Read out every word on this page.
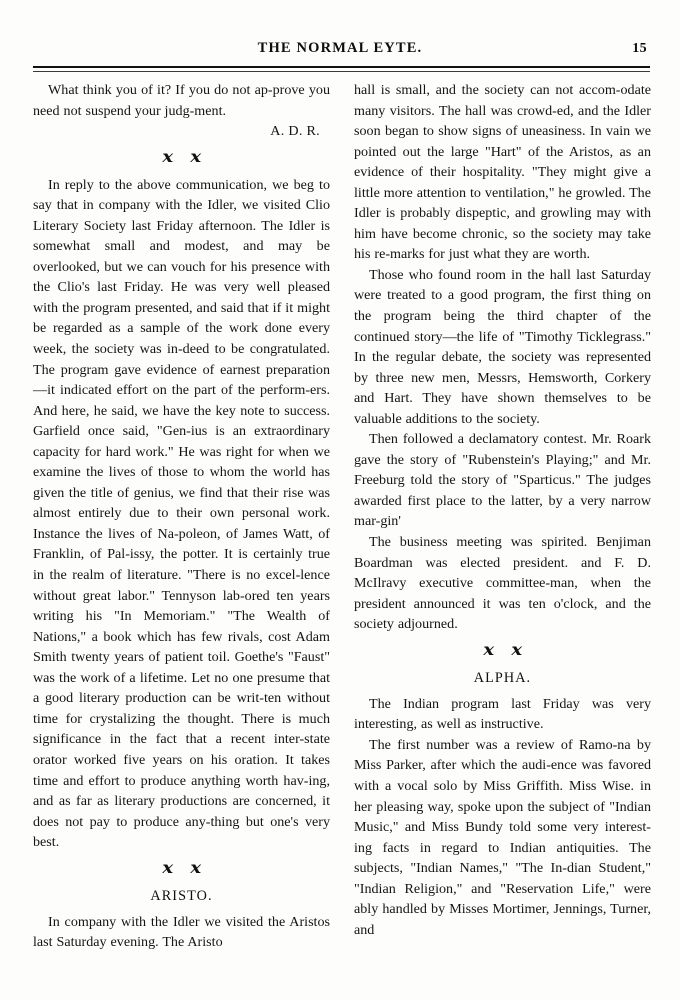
THE NORMAL EYTE.	15

What think you of it? If you do not ap-prove you need not suspend your judg-ment.

A. D. R.

x x

In reply to the above communication, we beg to say that in company with the Idler, we visited Clio Literary Society last Friday afternoon. The Idler is somewhat small and modest, and may be overlooked, but we can vouch for his presence with the Clio's last Friday. He was very well pleased with the program presented, and said that if it might be regarded as a sample of the work done every week, the society was in-deed to be congratulated. The program gave evidence of earnest preparation—it indicated effort on the part of the perform-ers. And here, he said, we have the key note to success. Garfield once said, "Gen-ius is an extraordinary capacity for hard work." He was right for when we examine the lives of those to whom the world has given the title of genius, we find that their rise was almost entirely due to their own personal work. Instance the lives of Na-poleon, of James Watt, of Franklin, of Pal-issy, the potter. It is certainly true in the realm of literature. "There is no excel-lence without great labor." Tennyson lab-ored ten years writing his "In Memoriam." "The Wealth of Nations," a book which has few rivals, cost Adam Smith twenty years of patient toil. Goethe's "Faust" was the work of a lifetime. Let no one presume that a good literary production can be writ-ten without time for crystalizing the thought. There is much significance in the fact that a recent inter-state orator worked five years on his oration. It takes time and effort to produce anything worth hav-ing, and as far as literary productions are concerned, it does not pay to produce any-thing but one's very best.

x x
ARISTO.

In company with the Idler we visited the Aristos last Saturday evening. The Aristo

hall is small, and the society can not accom-odate many visitors. The hall was crowd-ed, and the Idler soon began to show signs of uneasiness. In vain we pointed out the large "Hart" of the Aristos, as an evidence of their hospitality. "They might give a little more attention to ventilation," he growled. The Idler is probably dispeptic, and growling may with him have become chronic, so the society may take his re-marks for just what they are worth.

Those who found room in the hall last Saturday were treated to a good program, the first thing on the program being the third chapter of the continued story—the life of "Timothy Ticklegrass." In the regular debate, the society was represented by three new men, Messrs, Hemsworth, Corkery and Hart. They have shown themselves to be valuable additions to the society.

Then followed a declamatory contest. Mr. Roark gave the story of "Rubenstein's Playing;" and Mr. Freeburg told the story of "Sparticus." The judges awarded first place to the latter, by a very narrow mar-gin'

The business meeting was spirited. Benjiman Boardman was elected president. and F. D. McIlravy executive committee-man, when the president announced it was ten o'clock, and the society adjourned.

x x
ALPHA.

The Indian program last Friday was very interesting, as well as instructive.

The first number was a review of Ramo-na by Miss Parker, after which the audi-ence was favored with a vocal solo by Miss Griffith. Miss Wise. in her pleasing way, spoke upon the subject of "Indian Music," and Miss Bundy told some very interest-ing facts in regard to Indian antiquities. The subjects, "Indian Names," "The In-dian Student," "Indian Religion," and "Reservation Life," were ably handled by Misses Mortimer, Jennings, Turner, and
